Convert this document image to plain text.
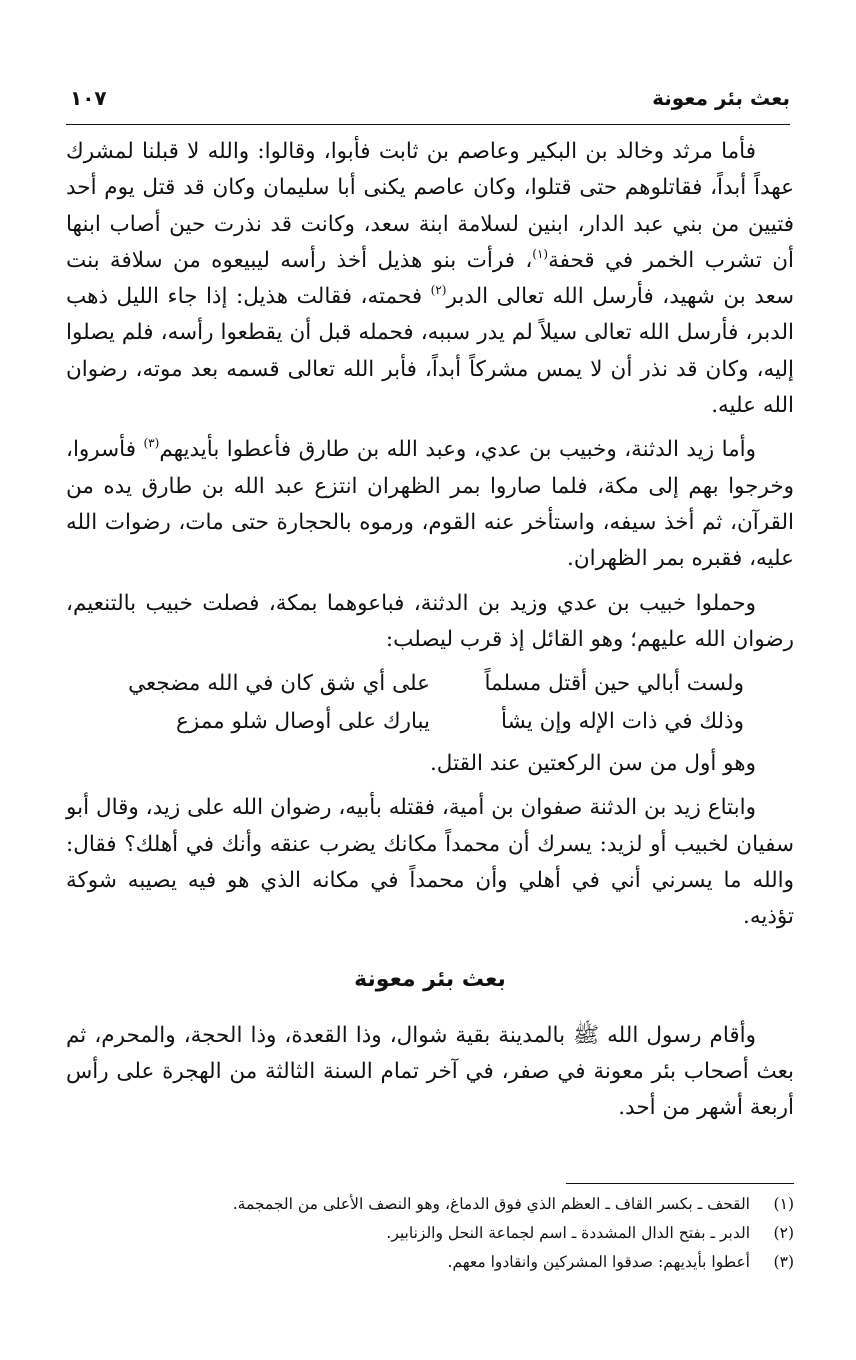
بعث بئر معونة
١٠٧

فأما مرثد وخالد بن البكير وعاصم بن ثابت فأبوا، وقالوا: والله لا قبلنا لمشرك عهداً أبداً، فقاتلوهم حتى قتلوا، وكان عاصم يكنى أبا سليمان وكان قد قتل يوم أحد فتيين من بني عبد الدار، ابنين لسلامة ابنة سعد، وكانت قد نذرت حين أصاب ابنها أن تشرب الخمر في قحفة$^{(١)}$، فرأت بنو هذيل أخذ رأسه ليبيعوه من سلافة بنت سعد بن شهيد، فأرسل الله تعالى الدبر$^{(٢)}$ فحمته، فقالت هذيل: إذا جاء الليل ذهب الدبر، فأرسل الله تعالى سيلاً لم يدر سببه، فحمله قبل أن يقطعوا رأسه، فلم يصلوا إليه، وكان قد نذر أن لا يمس مشركاً أبداً، فأبر الله تعالى قسمه بعد موته، رضوان الله عليه.

وأما زيد الدثنة، وخبيب بن عدي، وعبد الله بن طارق فأعطوا بأيديهم$^{(٣)}$ فأسروا، وخرجوا بهم إلى مكة، فلما صاروا بمر الظهران انتزع عبد الله بن طارق يده من القرآن، ثم أخذ سيفه، واستأخر عنه القوم، ورموه بالحجارة حتى مات، رضوات الله عليه، فقبره بمر الظهران.

وحملوا خبيب بن عدي وزيد بن الدثنة، فباعوهما بمكة، فصلت خبيب بالتنعيم، رضوان الله عليهم؛ وهو القائل إذ قرب ليصلب:

ولست أبالي حين أقتل مسلماً
على أي شق كان في الله مضجعي
وذلك في ذات الإله وإن يشأ
يبارك على أوصال شلو ممزع

وهو أول من سن الركعتين عند القتل.

وابتاع زيد بن الدثنة صفوان بن أمية، فقتله بأبيه، رضوان الله على زيد، وقال أبو سفيان لخبيب أو لزيد: يسرك أن محمداً مكانك يضرب عنقه وأنك في أهلك؟ فقال: والله ما يسرني أني في أهلي وأن محمداً في مكانه الذي هو فيه يصيبه شوكة تؤذيه.

بعث بئر معونة

وأقام رسول الله ﷺ بالمدينة بقية شوال، وذا القعدة، وذا الحجة، والمحرم، ثم بعث أصحاب بئر معونة في صفر، في آخر تمام السنة الثالثة من الهجرة على رأس أربعة أشهر من أحد.

(١)
القحف ـ بكسر القاف ـ العظم الذي فوق الدماغ، وهو النصف الأعلى من الجمجمة.
(٢)
الدبر ـ بفتح الدال المشددة ـ اسم لجماعة النحل والزنابير.
(٣)
أعطوا بأيديهم: صدقوا المشركين وانقادوا معهم.
